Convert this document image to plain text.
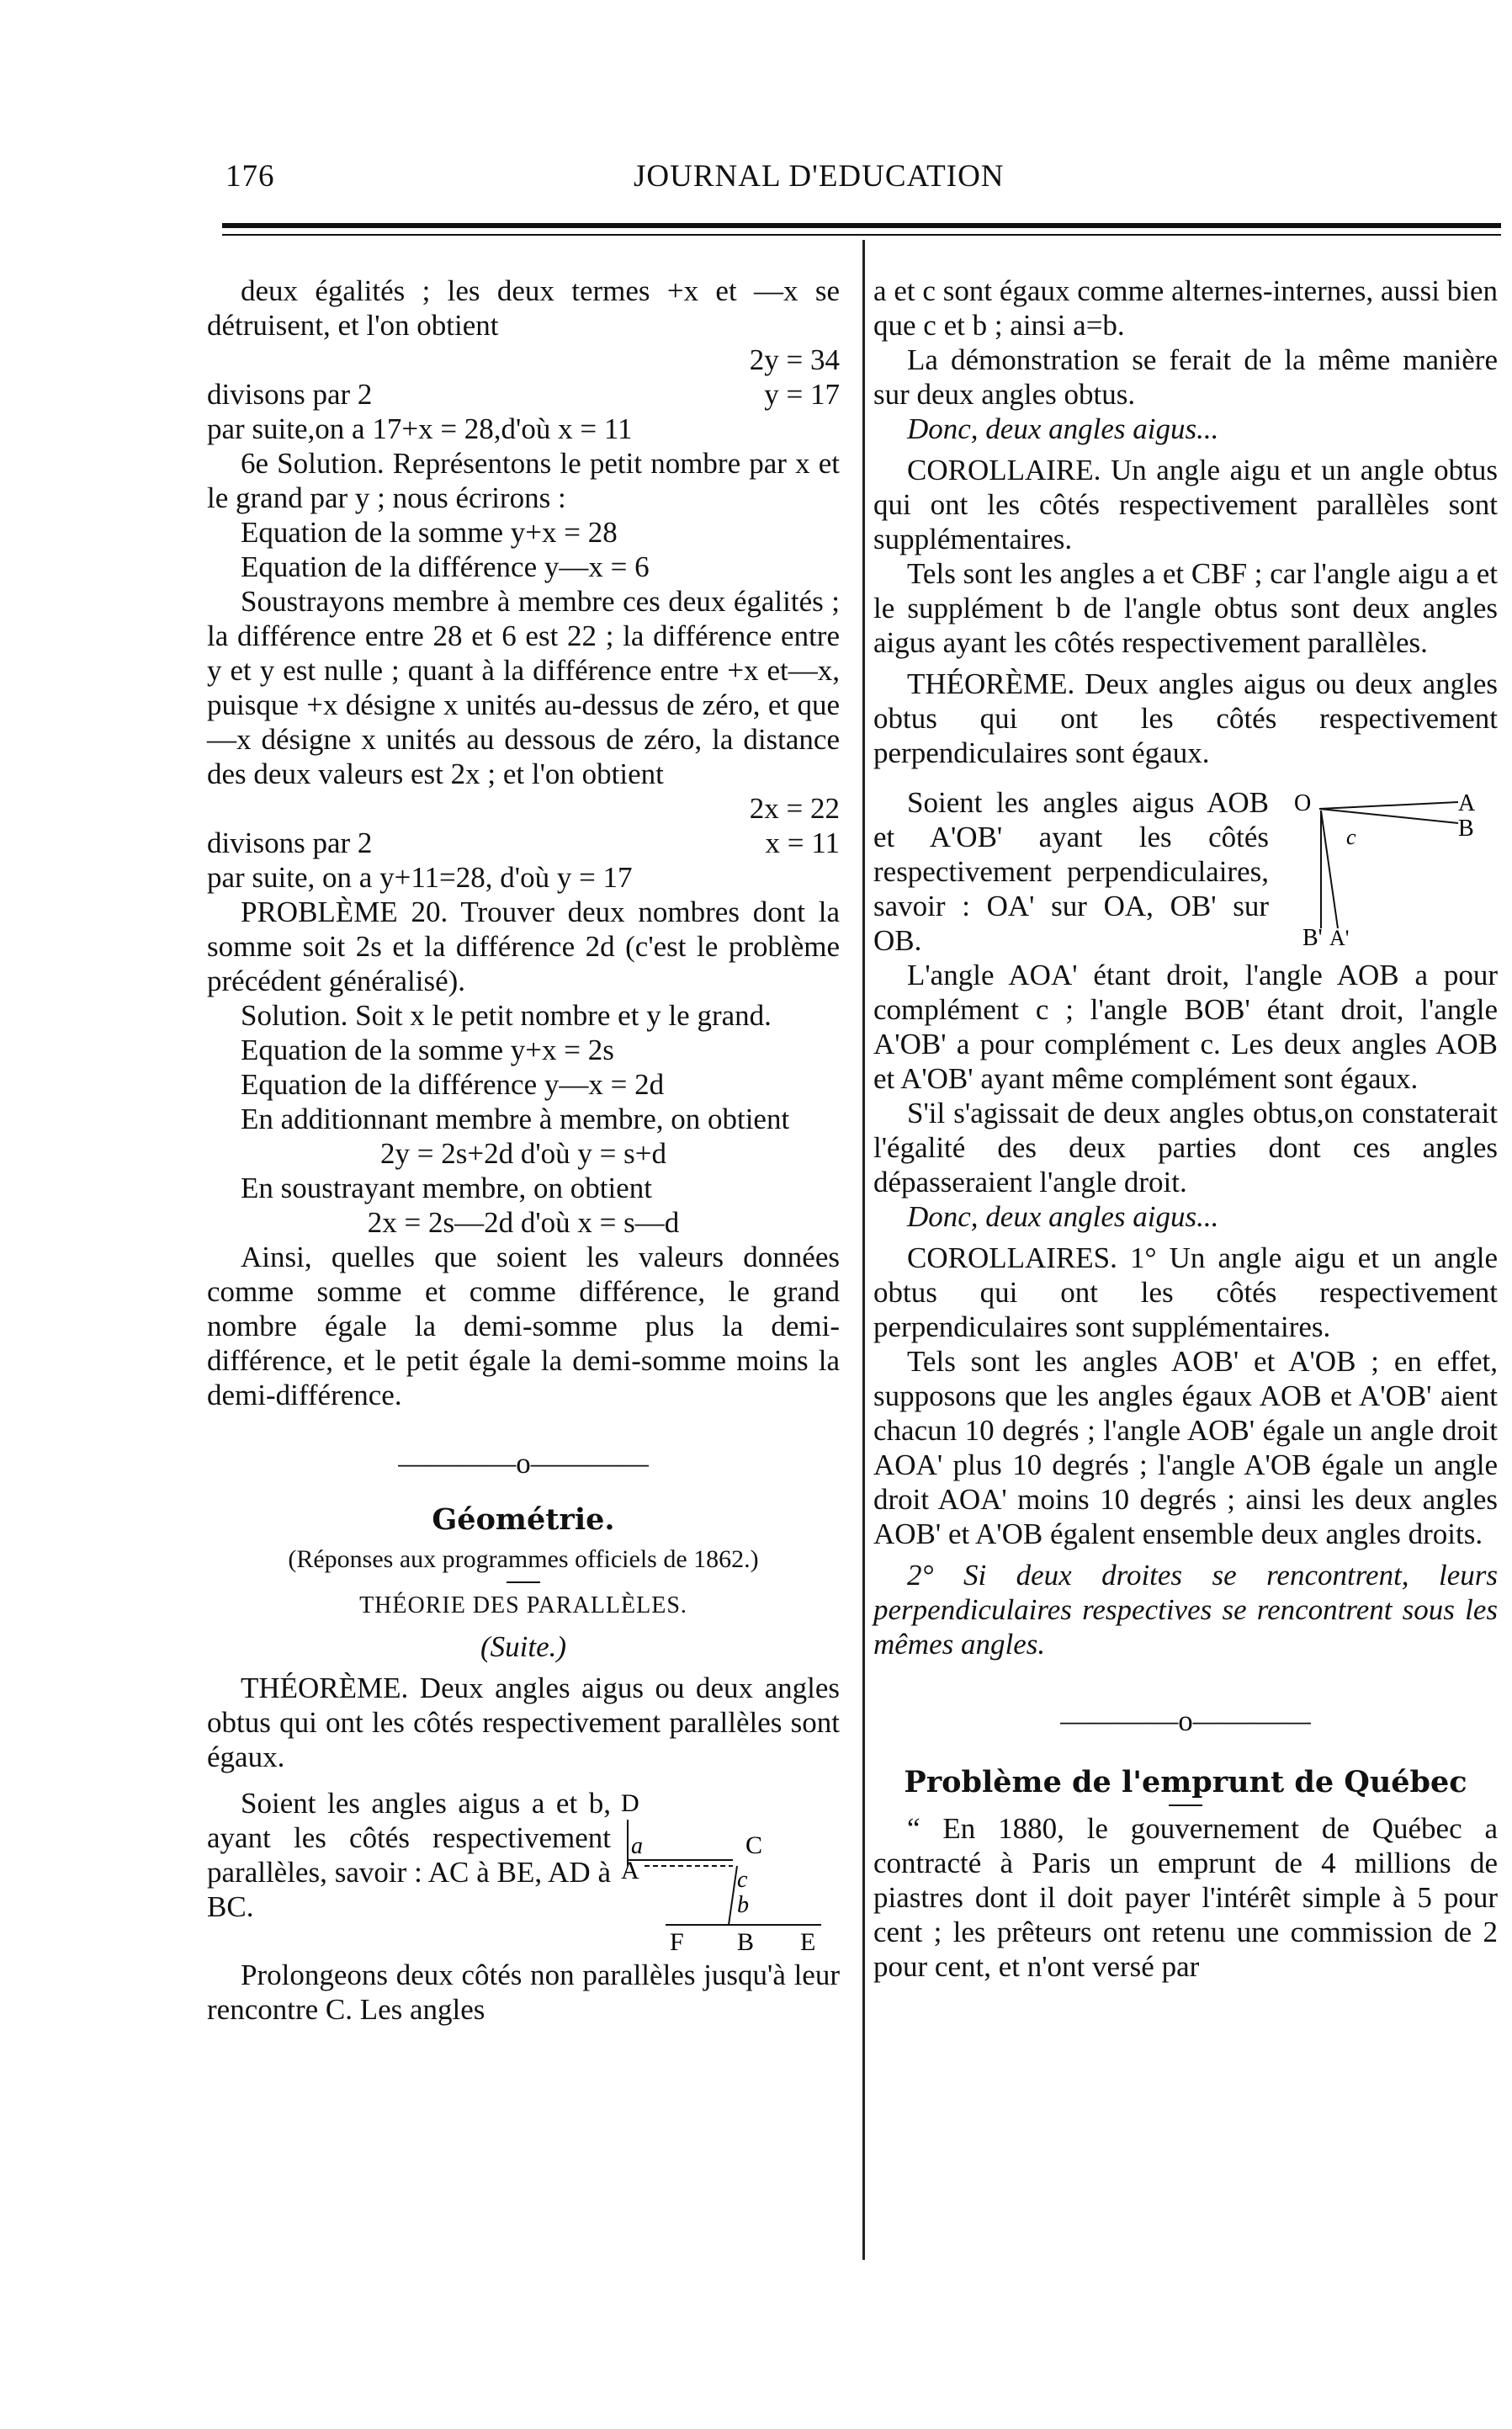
176	JOURNAL D'EDUCATION

deux égalités ; les deux termes +x et —x se détruisent, et l'on obtient

2y = 34

divisons par 2	y = 17

par suite,on a 17+x = 28,d'où x = 11

6e Solution. Représentons le petit nombre par x et le grand par y ; nous écrirons :

Equation de la somme y+x = 28

Equation de la différence y—x = 6

Soustrayons membre à membre ces deux égalités ; la différence entre 28 et 6 est 22 ; la différence entre y et y est nulle ; quant à la différence entre +x et—x, puisque +x désigne x unités au-dessus de zéro, et que —x désigne x unités au dessous de zéro, la distance des deux valeurs est 2x ; et l'on obtient

2x = 22

divisons par 2	x = 11

par suite, on a y+11=28, d'où y = 17

PROBLÈME 20. Trouver deux nombres dont la somme soit 2s et la différence 2d (c'est le problème précédent généralisé).

Solution. Soit x le petit nombre et y le grand.

Equation de la somme y+x = 2s

Equation de la différence y—x = 2d

En additionnant membre à membre, on obtient

2y = 2s+2d d'où y = s+d

En soustrayant membre, on obtient

2x = 2s—2d d'où x = s—d

Ainsi, quelles que soient les valeurs données comme somme et comme différence, le grand nombre égale la demi-somme plus la demi-différence, et le petit égale la demi-somme moins la demi-différence.

————o————

Géométrie.

(Réponses aux programmes officiels de 1862.)

THÉORIE DES PARALLÈLES.

(Suite.)

THÉORÈME. Deux angles aigus ou deux angles obtus qui ont les côtés respectivement parallèles sont égaux.

Soient les angles aigus a et b, ayant les côtés respectivement parallèles, savoir : AC à BE, AD à BC.

D
C
a
A	c
b
F B E

Prolongeons deux côtés non parallèles jusqu'à leur rencontre C. Les angles

a et c sont égaux comme alternes-internes, aussi bien que c et b ; ainsi a=b.

La démonstration se ferait de la même manière sur deux angles obtus.

Donc, deux angles aigus...

COROLLAIRE. Un angle aigu et un angle obtus qui ont les côtés respectivement parallèles sont supplémentaires.

Tels sont les angles a et CBF ; car l'angle aigu a et le supplément b de l'angle obtus sont deux angles aigus ayant les côtés respectivement parallèles.

THÉORÈME. Deux angles aigus ou deux angles obtus qui ont les côtés respectivement perpendiculaires sont égaux.

Soient les angles aigus AOB et A'OB' ayant les côtés respectivement perpendiculaires, savoir : OA' sur OA, OB' sur OB.

O	A
c	B
B' A'

L'angle AOA' étant droit, l'angle AOB a pour complément c ; l'angle BOB' étant droit, l'angle A'OB' a pour complément c. Les deux angles AOB et A'OB' ayant même complément sont égaux.

S'il s'agissait de deux angles obtus,on constaterait l'égalité des deux parties dont ces angles dépasseraient l'angle droit.

Donc, deux angles aigus...

COROLLAIRES. 1° Un angle aigu et un angle obtus qui ont les côtés respectivement perpendiculaires sont supplémentaires.

Tels sont les angles AOB' et A'OB ; en effet, supposons que les angles égaux AOB et A'OB' aient chacun 10 degrés ; l'angle AOB' égale un angle droit AOA' plus 10 degrés ; l'angle A'OB égale un angle droit AOA' moins 10 degrés ; ainsi les deux angles AOB' et A'OB égalent ensemble deux angles droits.

2° Si deux droites se rencontrent, leurs perpendiculaires respectives se rencontrent sous les mêmes angles.

————o————

Problème de l'emprunt de Québec

“ En 1880, le gouvernement de Québec a contracté à Paris un emprunt de 4 millions de piastres dont il doit payer l'intérêt simple à 5 pour cent ; les prêteurs ont retenu une commission de 2 pour cent, et n'ont versé par
